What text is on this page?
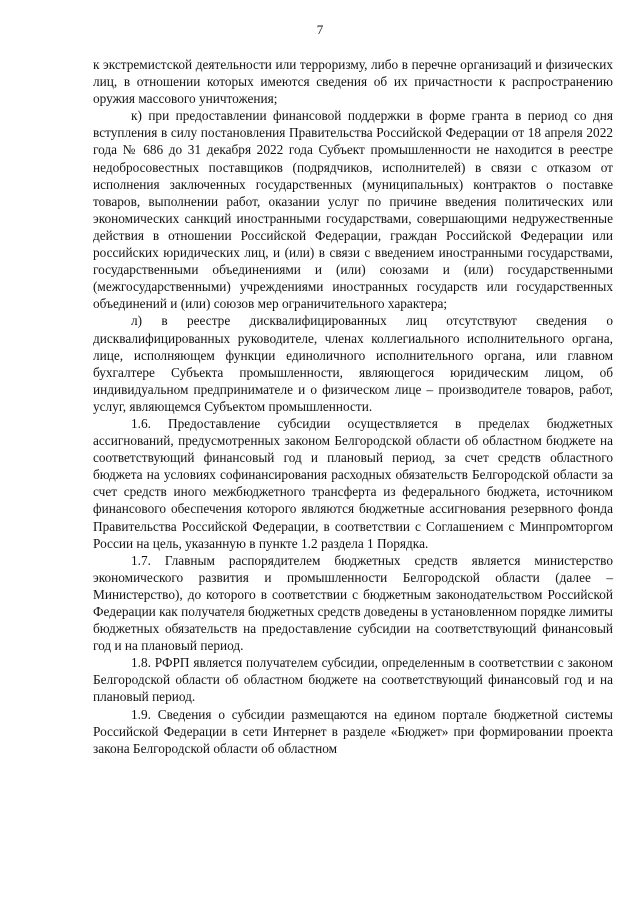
7

к экстремистской деятельности или терроризму, либо в перечне организаций и физических лиц, в отношении которых имеются сведения об их причастности к распространению оружия массового уничтожения;

к) при предоставлении финансовой поддержки в форме гранта в период со дня вступления в силу постановления Правительства Российской Федерации от 18 апреля 2022 года № 686 до 31 декабря 2022 года Субъект промышленности не находится в реестре недобросовестных поставщиков (подрядчиков, исполнителей) в связи с отказом от исполнения заключенных государственных (муниципальных) контрактов о поставке товаров, выполнении работ, оказании услуг по причине введения политических или экономических санкций иностранными государствами, совершающими недружественные действия в отношении Российской Федерации, граждан Российской Федерации или российских юридических лиц, и (или) в связи с введением иностранными государствами, государственными объединениями и (или) союзами и (или) государственными (межгосударственными) учреждениями иностранных государств или государственных объединений и (или) союзов мер ограничительного характера;

л) в реестре дисквалифицированных лиц отсутствуют сведения о дисквалифицированных руководителе, членах коллегиального исполнительного органа, лице, исполняющем функции единоличного исполнительного органа, или главном бухгалтере Субъекта промышленности, являющегося юридическим лицом, об индивидуальном предпринимателе и о физическом лице – производителе товаров, работ, услуг, являющемся Субъектом промышленности.

1.6. Предоставление субсидии осуществляется в пределах бюджетных ассигнований, предусмотренных законом Белгородской области об областном бюджете на соответствующий финансовый год и плановый период, за счет средств областного бюджета на условиях софинансирования расходных обязательств Белгородской области за счет средств иного межбюджетного трансферта из федерального бюджета, источником финансового обеспечения которого являются бюджетные ассигнования резервного фонда Правительства Российской Федерации, в соответствии с Соглашением с Минпромторгом России на цель, указанную в пункте 1.2 раздела 1 Порядка.

1.7. Главным распорядителем бюджетных средств является министерство экономического развития и промышленности Белгородской области (далее – Министерство), до которого в соответствии с бюджетным законодательством Российской Федерации как получателя бюджетных средств доведены в установленном порядке лимиты бюджетных обязательств на предоставление субсидии на соответствующий финансовый год и на плановый период.

1.8. РФРП является получателем субсидии, определенным в соответствии с законом Белгородской области об областном бюджете на соответствующий финансовый год и на плановый период.

1.9. Сведения о субсидии размещаются на едином портале бюджетной системы Российской Федерации в сети Интернет в разделе «Бюджет» при формировании проекта закона Белгородской области об областном
